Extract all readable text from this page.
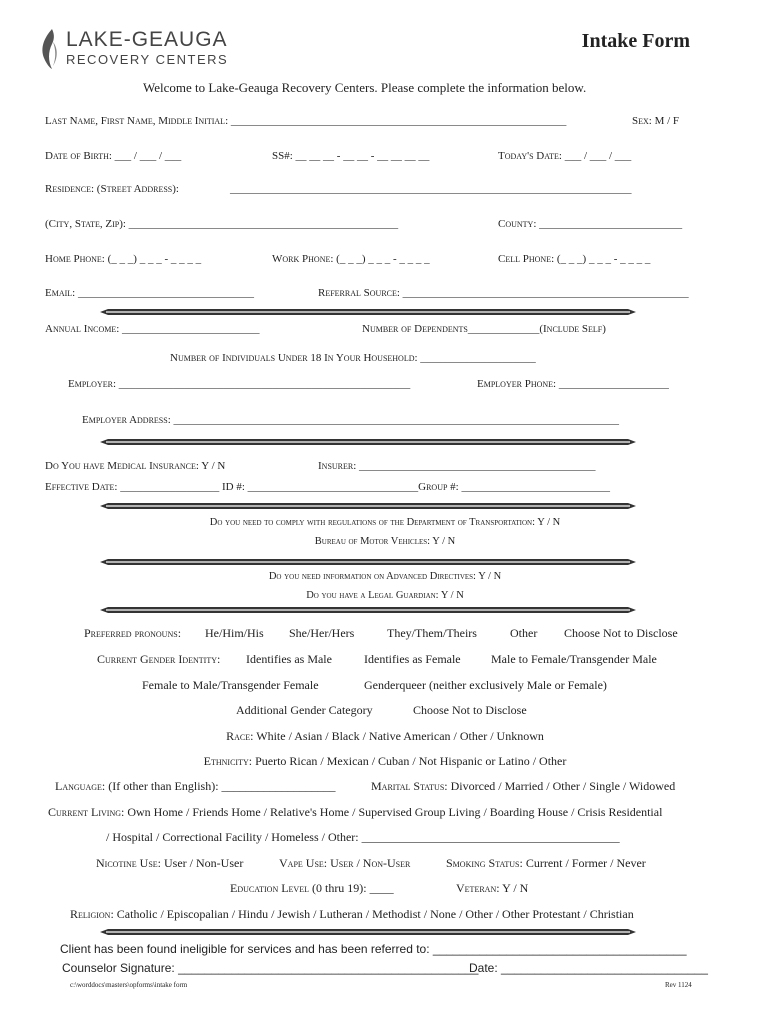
LAKE-GEAUGA
RECOVERY CENTERS
Intake Form
Welcome to Lake-Geauga Recovery Centers. Please complete the information below.
Last Name, First Name, Middle Initial: _____________________________________________________________	Sex: M / F
Date of Birth: ___ / ___ / ___	SS#: __ __ __ - __ __ - __ __ __ __	Today's Date: ___ / ___ / ___
Residence: (Street Address):	_________________________________________________________________________
(City, State, Zip): _________________________________________________	County: __________________________
Home Phone: (_ _ _) _ _ _ - _ _ _ _	Work Phone: (_ _ _) _ _ _ - _ _ _ _	Cell Phone: (_ _ _) _ _ _ - _ _ _ _
Email: ________________________________	Referral Source: ____________________________________________________
Annual Income: _________________________	Number of Dependents_____________(Include Self)
Number of Individuals Under 18 In Your Household: _____________________
Employer: _____________________________________________________	Employer Phone: ____________________
Employer Address: _________________________________________________________________________________
Do You have Medical Insurance: Y / N	Insurer: ___________________________________________
Effective Date: __________________ ID #: _______________________________Group #: ___________________________
Do you need to comply with regulations of the Department of Transportation: Y / N
Bureau of Motor Vehicles: Y / N
Do you need information on Advanced Directives: Y / N
Do you have a Legal Guardian: Y / N
Preferred pronouns: He/Him/His She/Her/Hers	They/Them/Theirs	Other Choose Not to Disclose
Current Gender Identity: Identifies as Male	Identifies as Female	Male to Female/Transgender Male
Female to Male/Transgender Female	Genderqueer (neither exclusively Male or Female)
Additional Gender Category	Choose Not to Disclose
Race: White / Asian / Black / Native American / Other / Unknown
Ethnicity: Puerto Rican / Mexican / Cuban / Not Hispanic or Latino / Other
Language: (If other than English): ___________________	Marital Status: Divorced / Married / Other / Single / Widowed
Current Living: Own Home / Friends Home / Relative's Home / Supervised Group Living / Boarding House / Crisis Residential
/ Hospital / Correctional Facility / Homeless / Other: ___________________________________________
Nicotine Use: User / Non-User	Vape Use: User / Non-User	Smoking Status: Current / Former / Never
Education Level (0 thru 19): ____	Veteran: Y / N
Religion: Catholic / Episcopalian / Hindu / Jewish / Lutheran / Methodist / None / Other / Other Protestant / Christian
Client has been found ineligible for services and has been referred to: ______________________________________
Counselor Signature: _____________________________________________
Date: _______________________________
c:\worddocs\masters\opforms\intake form	Rev 1124
